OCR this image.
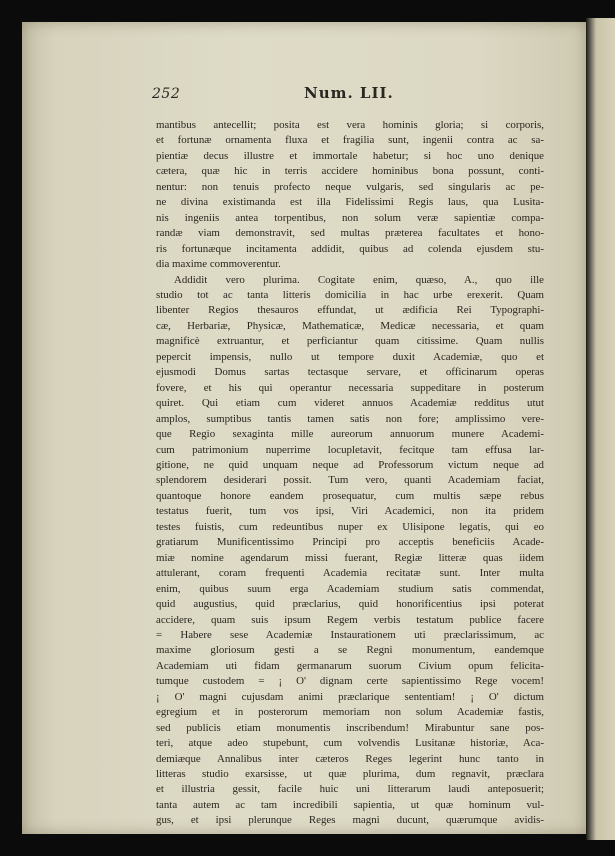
252	Num. LII.
mantibus antecellit; posita est vera hominis gloria; si corporis,
et fortunæ ornamenta fluxa et fragilia sunt, ingenii contra ac sa-
pientiæ decus illustre et immortale habetur; si hoc uno denique
cætera, quæ hic in terris accidere hominibus bona possunt, conti-
nentur: non tenuis profecto neque vulgaris, sed singularis ac pe-
ne divina existimanda est illa Fidelissimi Regis laus, qua Lusita-
nis ingeniis antea torpentibus, non solum veræ sapientiæ compa-
randæ viam demonstravit, sed multas præterea facultates et hono-
ris fortunæque incitamenta addidit, quibus ad colenda ejusdem stu-
dia maxime commoverentur.
Addidit vero plurima. Cogitate enim, quæso, A., quo ille
studio tot ac tanta litteris domicilia in hac urbe erexerit. Quam
libenter Regios thesauros effundat, ut ædificia Rei Typographi-
cæ, Herbariæ, Physicæ, Mathematicæ, Medicæ necessaria, et quam
magnificè extruantur, et perficiantur quam citissime. Quam nullis
pepercit impensis, nullo ut tempore duxit Academiæ, quo et
ejusmodi Domus sartas tectasque servare, et officinarum operas
fovere, et his qui operantur necessaria suppeditare in posterum
quiret. Qui etiam cum videret annuos Academiæ redditus utut
amplos, sumptibus tantis tamen satis non fore; amplissimo vere-
que Regio sexaginta mille aureorum annuorum munere Academi-
cum patrimonium nuperrime locupletavit, fecitque tam effusa lar-
gitione, ne quid unquam neque ad Professorum victum neque ad
splendorem desiderari possit. Tum vero, quanti Academiam faciat,
quantoque honore eandem prosequatur, cum multis sæpe rebus
testatus fuerit, tum vos ipsi, Viri Academici, non ita pridem
testes fuistis, cum redeuntibus nuper ex Ulisipone legatis, qui eo
gratiarum Munificentissimo Principi pro acceptis beneficiis Acade-
miæ nomine agendarum missi fuerant, Regiæ litteræ quas iidem
attulerant, coram frequenti Academia recitatæ sunt. Inter multa
enim, quibus suum erga Academiam studium satis commendat,
quid augustius, quid præclarius, quid honorificentius ipsi poterat
accidere, quam suis ipsum Regem verbis testatum publice facere
= Habere sese Academiæ Instaurationem uti præclarissimum, ac
maxime gloriosum gesti a se Regni monumentum, eandemque
Academiam uti fidam germanarum suorum Civium opum felicita-
tumque custodem = ¡ O' dignam certe sapientissimo Rege vocem!
¡ O' magni cujusdam animi præclarique sententiam! ¡ O' dictum
egregium et in posterorum memoriam non solum Academiæ fastis,
sed publicis etiam monumentis inscribendum! Mirabuntur sane pos-
teri, atque adeo stupebunt, cum volvendis Lusitanæ historiæ, Aca-
demiæque Annalibus inter cæteros Reges legerint hunc tanto in
litteras studio exarsisse, ut quæ plurima, dum regnavit, præclara
et illustria gessit, facile huic uni litterarum laudi anteposuerit;
tanta autem ac tam incredibili sapientia, ut quæ hominum vul-
gus, et ipsi plerunque Reges magni ducunt, quærumque avidis-
